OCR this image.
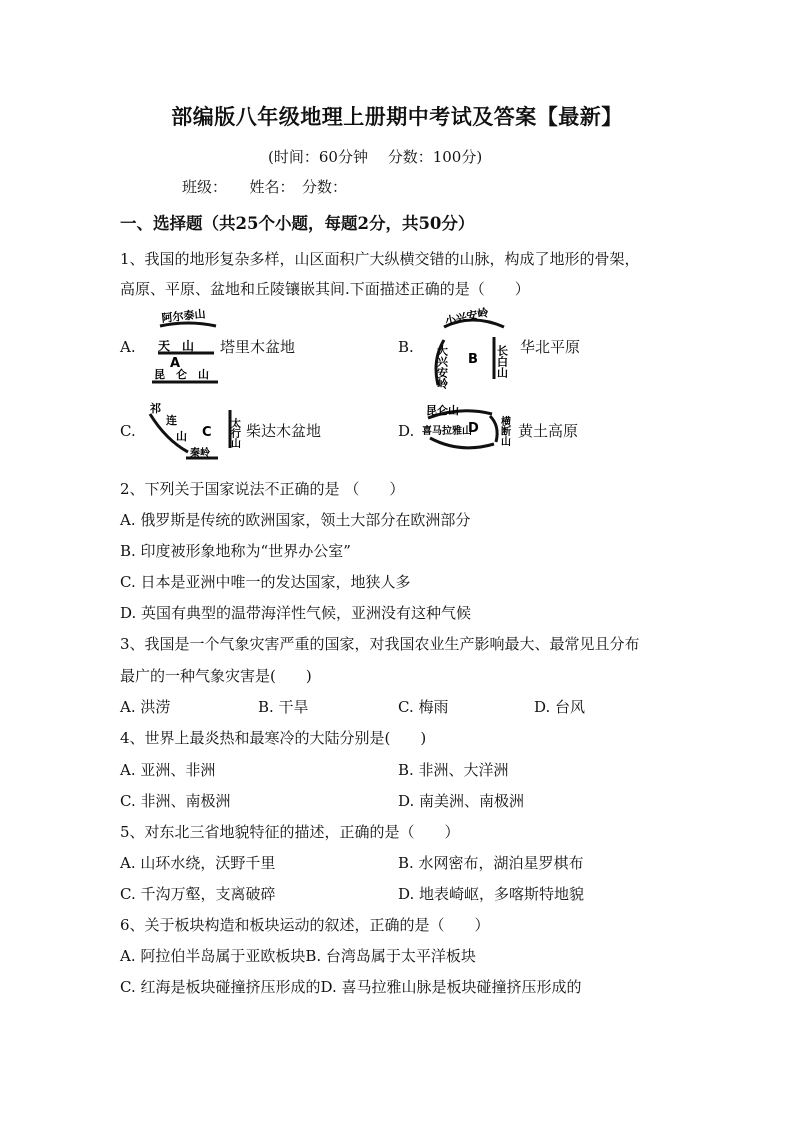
部编版八年级地理上册期中考试及答案【最新】
(时间：60分钟　 分数：100分)
班级：　　姓名：　分数：
一、选择题（共25个小题，每题2分，共50分）
1、我国的地形复杂多样，山区面积广大纵横交错的山脉，构成了地形的骨架，
高原、平原、盆地和丘陵镶嵌其间.下面描述正确的是（　　）
A.
阿尔泰山
天　山
A
昆　仑　山
塔里木盆地	B.
小兴安岭
大兴安岭	长白山
B
华北平原
C.
祁
连
山 C 太行山
秦岭
柴达木盆地	D.
昆仑山
喜马拉雅山
D 横断山 黄土高原
2、下列关于国家说法不正确的是 （　　）
A. 俄罗斯是传统的欧洲国家，领土大部分在欧洲部分
B. 印度被形象地称为“世界办公室”
C. 日本是亚洲中唯一的发达国家，地狭人多
D. 英国有典型的温带海洋性气候，亚洲没有这种气候
3、我国是一个气象灾害严重的国家，对我国农业生产影响最大、最常见且分布
最广的一种气象灾害是(　　)
A. 洪涝	B. 干旱	C. 梅雨	D. 台风
4、世界上最炎热和最寒冷的大陆分别是(　　)
A. 亚洲、非洲	B. 非洲、大洋洲
C. 非洲、南极洲	D. 南美洲、南极洲
5、对东北三省地貌特征的描述，正确的是（　　）
A. 山环水绕，沃野千里	B. 水网密布，湖泊星罗棋布
C. 千沟万壑，支离破碎	D. 地表崎岖，多喀斯特地貌
6、关于板块构造和板块运动的叙述，正确的是（　　）
A. 阿拉伯半岛属于亚欧板块B. 台湾岛属于太平洋板块
C. 红海是板块碰撞挤压形成的D. 喜马拉雅山脉是板块碰撞挤压形成的
